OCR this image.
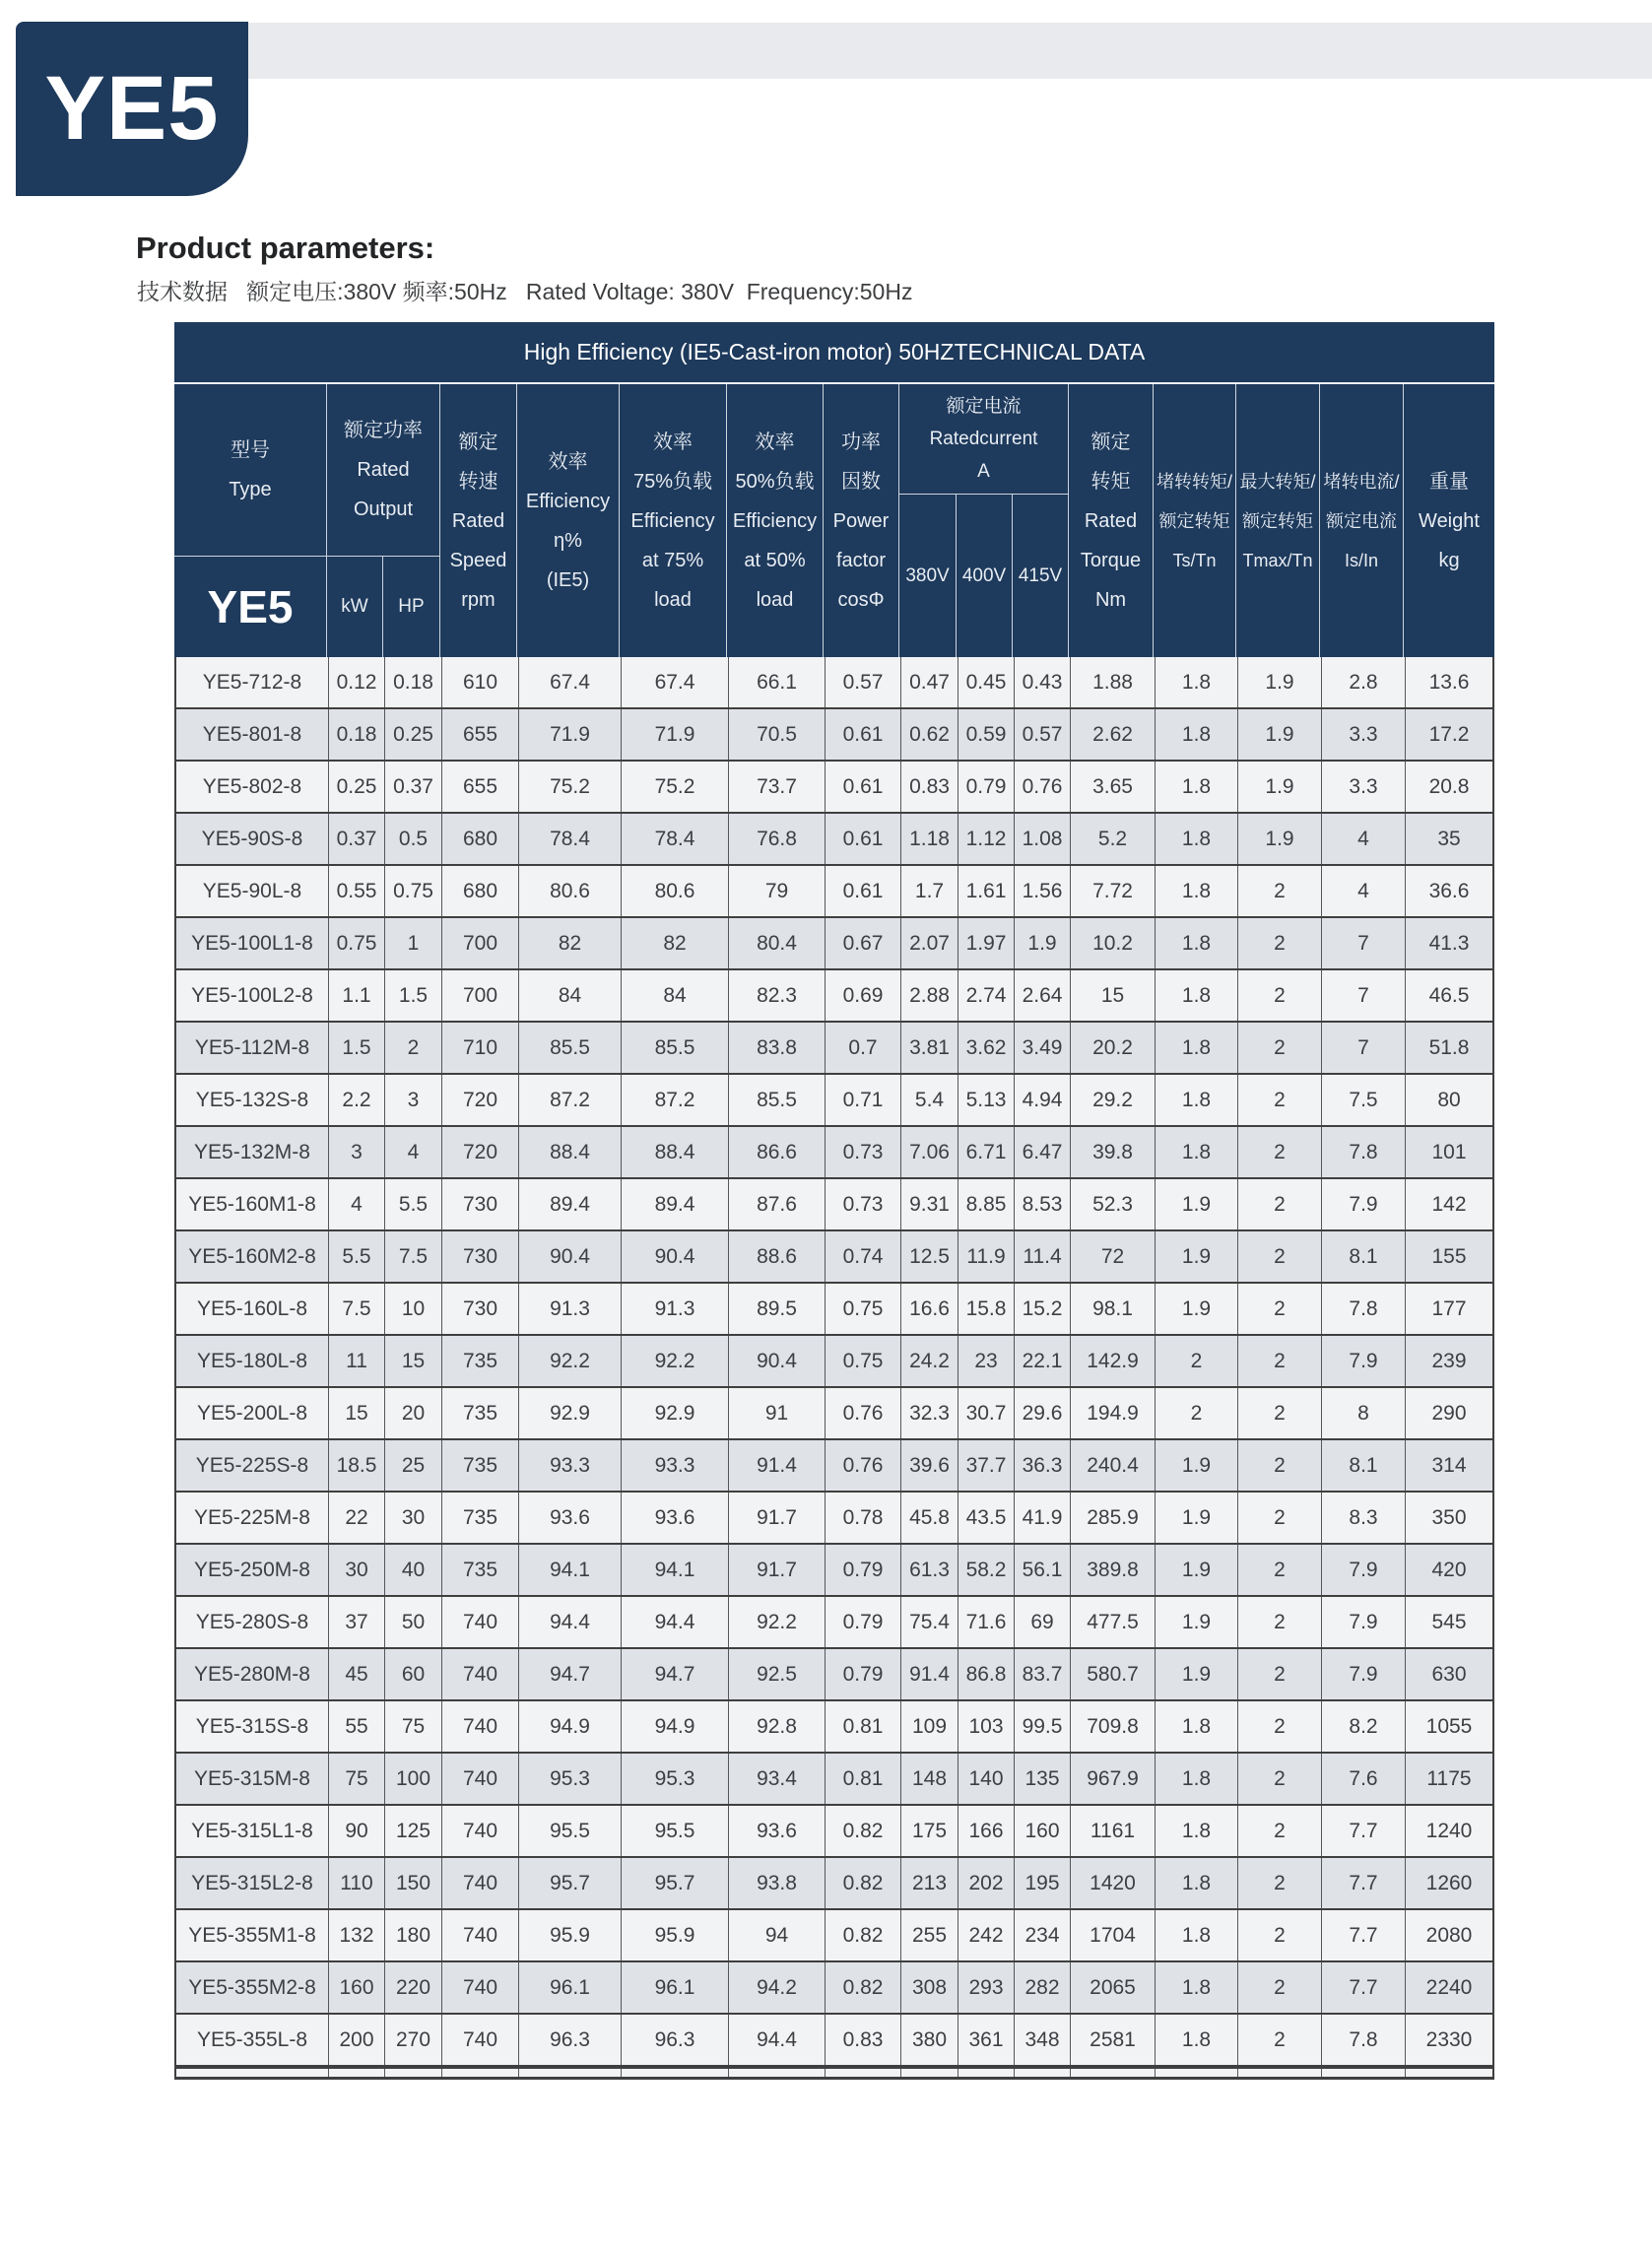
YE5
Product parameters:
技术数据   额定电压:380V 频率:50Hz   Rated Voltage: 380V  Frequency:50Hz
High Efficiency (IE5-Cast-iron motor) 50HZTECHNICAL DATA
型号
Type
YE5
额定功率
Rated
Output
kW HP
额定
转速
Rated
Speed
rpm
效率
Efficiency
η%
(IE5)
效率
75%负载
Efficiency
at 75%
load
效率
50%负载
Efficiency
at 50%
load
功率
因数
Power
factor
cosΦ
额定电流
Ratedcurrent
A
380V 400V 415V
额定
转矩
Rated
Torque
Nm
堵转转矩/
额定转矩
Ts/Tn
最大转矩/
额定转矩
Tmax/Tn
堵转电流/
额定电流
Is/In
重量
Weight
kg
YE5-712-8	0.12 0.18	610	67.4	67.4	66.1	0.57	0.47 0.45 0.43	1.88	1.8	1.9	2.8	13.6
YE5-801-8	0.18 0.25	655	71.9	71.9	70.5	0.61	0.62 0.59 0.57	2.62	1.8	1.9	3.3	17.2
YE5-802-8	0.25 0.37	655	75.2	75.2	73.7	0.61	0.83 0.79 0.76	3.65	1.8	1.9	3.3	20.8
YE5-90S-8	0.37	0.5	680	78.4	78.4	76.8	0.61	1.18 1.12 1.08	5.2	1.8	1.9	4	35
YE5-90L-8	0.55 0.75	680	80.6	80.6	79	0.61	1.7	1.61 1.56	7.72	1.8	2	4	36.6
YE5-100L1-8	0.75	1	700	82	82	80.4	0.67	2.07 1.97	1.9	10.2	1.8	2	7	41.3
YE5-100L2-8	1.1	1.5	700	84	84	82.3	0.69	2.88 2.74 2.64	15	1.8	2	7	46.5
YE5-112M-8	1.5	2	710	85.5	85.5	83.8	0.7	3.81 3.62 3.49	20.2	1.8	2	7	51.8
YE5-132S-8	2.2	3	720	87.2	87.2	85.5	0.71	5.4	5.13 4.94	29.2	1.8	2	7.5	80
YE5-132M-8	3	4	720	88.4	88.4	86.6	0.73	7.06 6.71 6.47	39.8	1.8	2	7.8	101
YE5-160M1-8	4	5.5	730	89.4	89.4	87.6	0.73	9.31 8.85 8.53	52.3	1.9	2	7.9	142
YE5-160M2-8	5.5	7.5	730	90.4	90.4	88.6	0.74	12.5 11.9 11.4	72	1.9	2	8.1	155
YE5-160L-8	7.5	10	730	91.3	91.3	89.5	0.75	16.6 15.8 15.2	98.1	1.9	2	7.8	177
YE5-180L-8	11	15	735	92.2	92.2	90.4	0.75	24.2	23	22.1	142.9	2	2	7.9	239
YE5-200L-8	15	20	735	92.9	92.9	91	0.76	32.3 30.7 29.6	194.9	2	2	8	290
YE5-225S-8	18.5	25	735	93.3	93.3	91.4	0.76	39.6 37.7 36.3	240.4	1.9	2	8.1	314
YE5-225M-8	22	30	735	93.6	93.6	91.7	0.78	45.8 43.5 41.9	285.9	1.9	2	8.3	350
YE5-250M-8	30	40	735	94.1	94.1	91.7	0.79	61.3 58.2 56.1	389.8	1.9	2	7.9	420
YE5-280S-8	37	50	740	94.4	94.4	92.2	0.79	75.4 71.6	69	477.5	1.9	2	7.9	545
YE5-280M-8	45	60	740	94.7	94.7	92.5	0.79	91.4 86.8 83.7	580.7	1.9	2	7.9	630
YE5-315S-8	55	75	740	94.9	94.9	92.8	0.81	109	103 99.5	709.8	1.8	2	8.2	1055
YE5-315M-8	75	100	740	95.3	95.3	93.4	0.81	148	140	135	967.9	1.8	2	7.6	1175
YE5-315L1-8	90	125	740	95.5	95.5	93.6	0.82	175	166	160	1161	1.8	2	7.7	1240
YE5-315L2-8	110	150	740	95.7	95.7	93.8	0.82	213	202	195	1420	1.8	2	7.7	1260
YE5-355M1-8	132	180	740	95.9	95.9	94	0.82	255	242	234	1704	1.8	2	7.7	2080
YE5-355M2-8	160	220	740	96.1	96.1	94.2	0.82	308	293	282	2065	1.8	2	7.7	2240
YE5-355L-8	200	270	740	96.3	96.3	94.4	0.83	380	361	348	2581	1.8	2	7.8	2330
